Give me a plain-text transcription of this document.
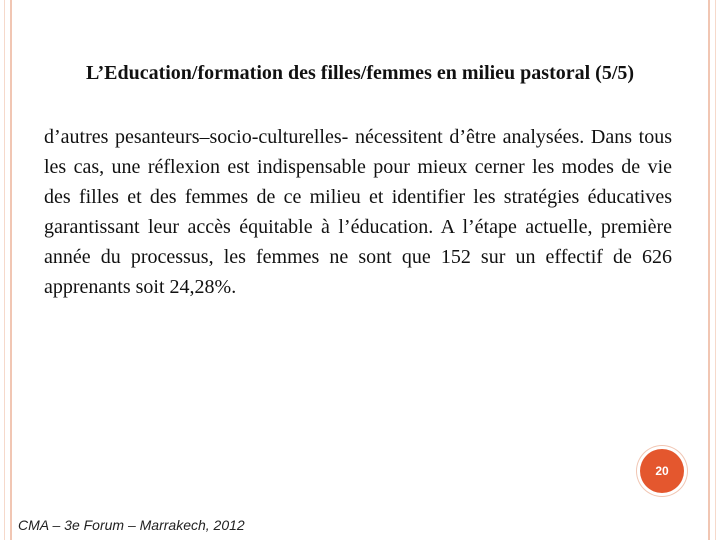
L’Education/formation des filles/femmes en milieu pastoral (5/5)
d’autres pesanteurs–socio-culturelles- nécessitent d’être analysées. Dans tous les cas, une réflexion est indispensable pour mieux cerner les modes de vie des filles et des femmes de ce milieu et identifier les stratégies éducatives garantissant leur accès équitable à l’éducation. A l’étape actuelle, première année du processus, les femmes ne sont que 152 sur un effectif de 626 apprenants soit 24,28%.
20
CMA – 3e Forum – Marrakech, 2012
